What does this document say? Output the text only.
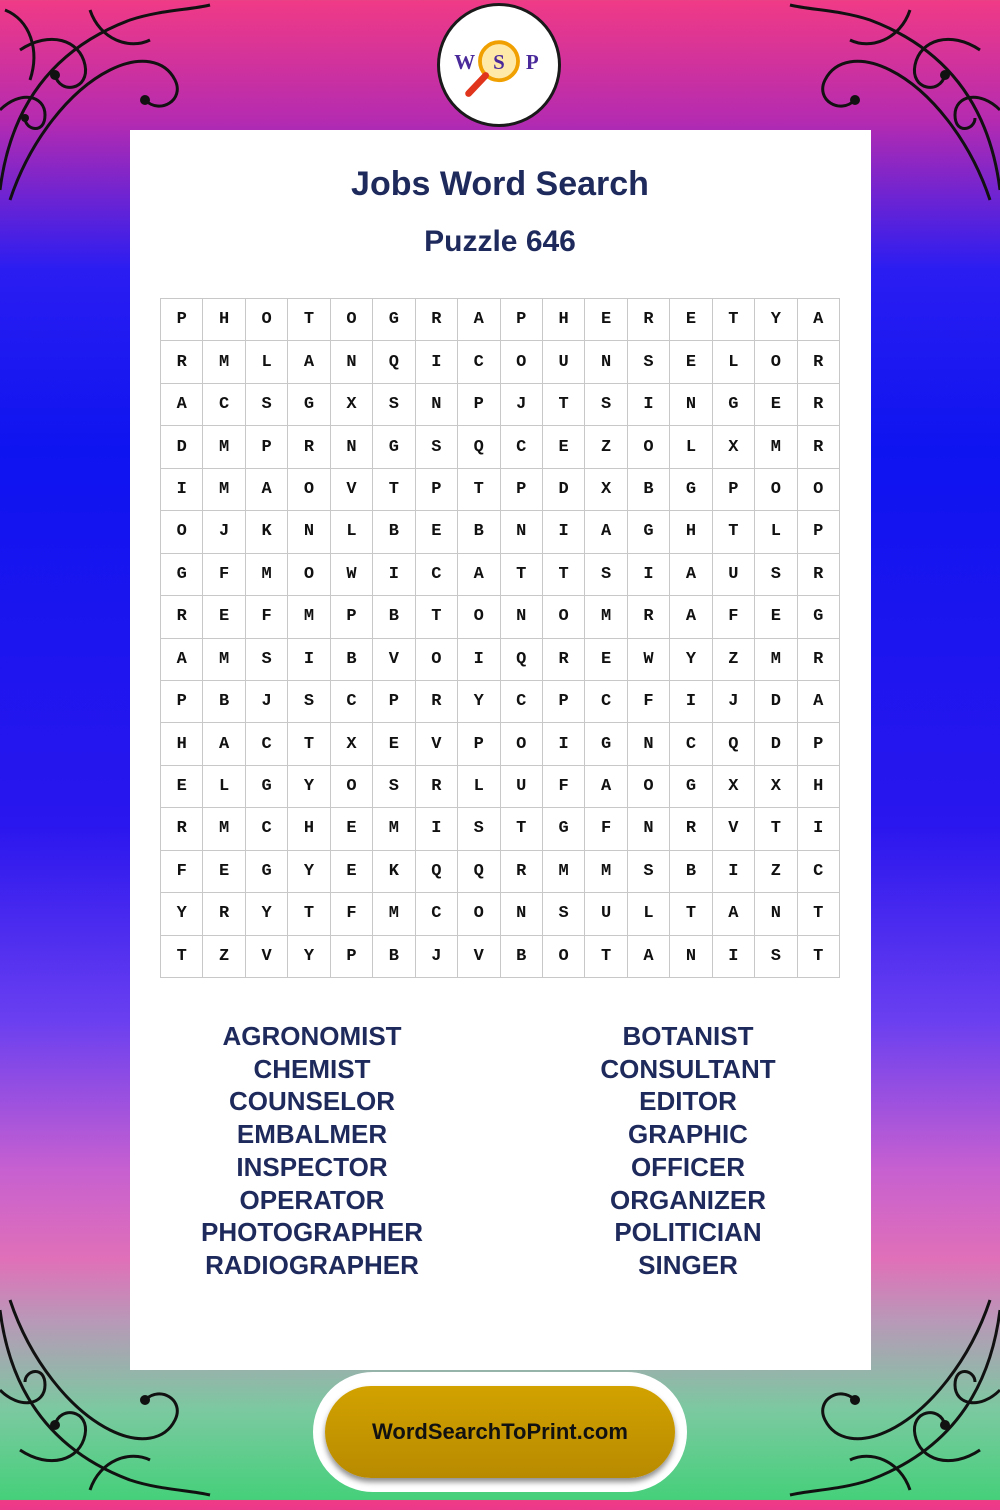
W S P
Jobs Word Search
Puzzle 646
P	H	O	T	O	G	R	A	P	H	E	R	E	T	Y	A
R	M	L	A	N	Q	I	C	O	U	N	S	E	L	O	R
A	C	S	G	X	S	N	P	J	T	S	I	N	G	E	R
D	M	P	R	N	G	S	Q	C	E	Z	O	L	X	M	R
I	M	A	O	V	T	P	T	P	D	X	B	G	P	O	O
O	J	K	N	L	B	E	B	N	I	A	G	H	T	L	P
G	F	M	O	W	I	C	A	T	T	S	I	A	U	S	R
R	E	F	M	P	B	T	O	N	O	M	R	A	F	E	G
A	M	S	I	B	V	O	I	Q	R	E	W	Y	Z	M	R
P	B	J	S	C	P	R	Y	C	P	C	F	I	J	D	A
H	A	C	T	X	E	V	P	O	I	G	N	C	Q	D	P
E	L	G	Y	O	S	R	L	U	F	A	O	G	X	X	H
R	M	C	H	E	M	I	S	T	G	F	N	R	V	T	I
F	E	G	Y	E	K	Q	Q	R	M	M	S	B	I	Z	C
Y	R	Y	T	F	M	C	O	N	S	U	L	T	A	N	T
T	Z	V	Y	P	B	J	V	B	O	T	A	N	I	S	T
AGRONOMIST
CHEMIST
COUNSELOR
EMBALMER
INSPECTOR
OPERATOR
PHOTOGRAPHER
RADIOGRAPHER
BOTANIST
CONSULTANT
EDITOR
GRAPHIC
OFFICER
ORGANIZER
POLITICIAN
SINGER
WordSearchToPrint.com
